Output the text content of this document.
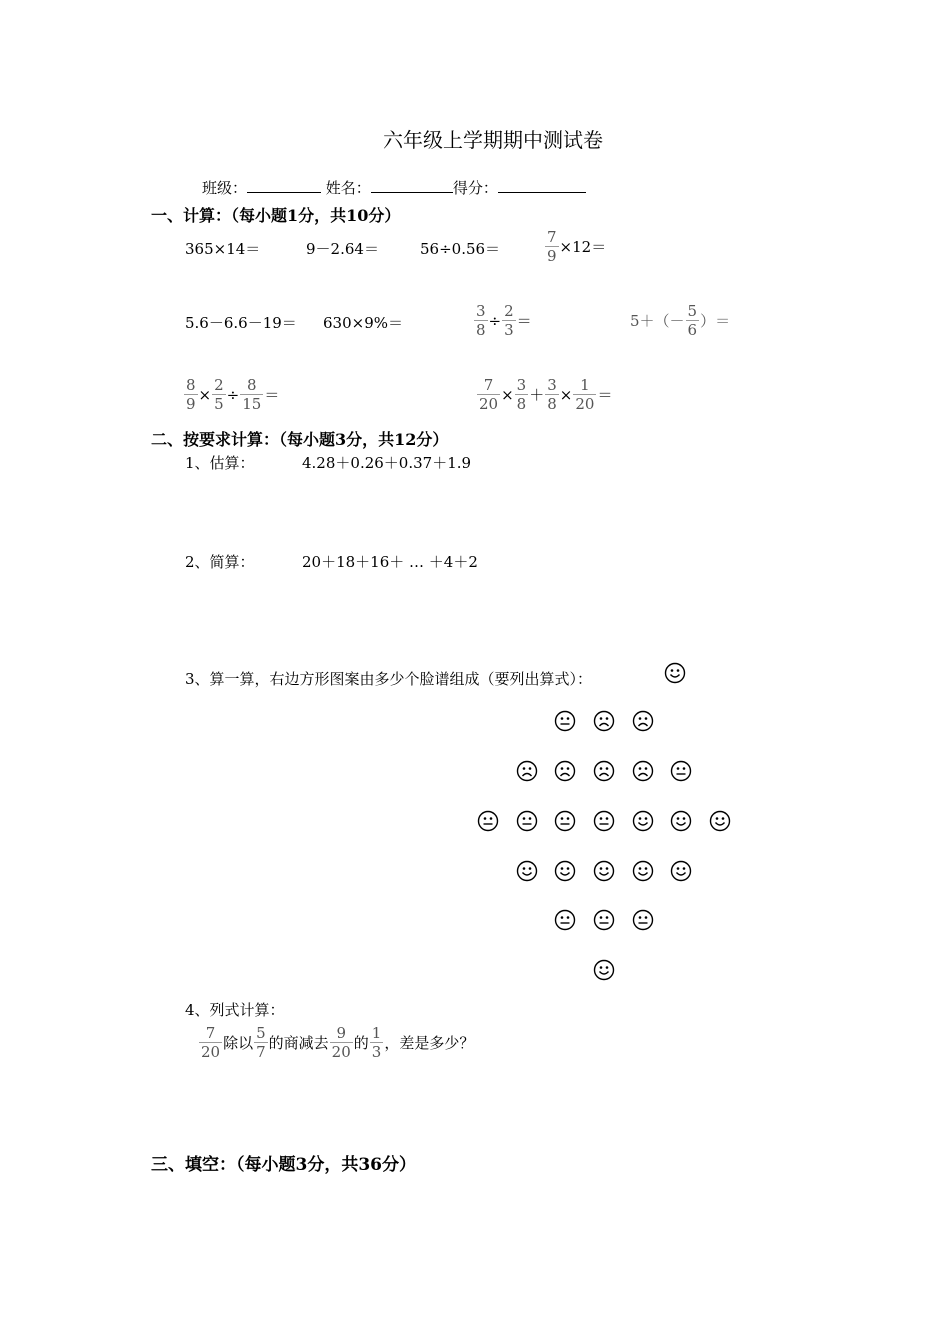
六年级上学期期中测试卷
班级：	姓名：	得分：
一、计算：（每小题1分，共10分）
365×14＝	9－2.64＝	56÷0.56＝	$\frac{7}{9} \times 12=$
5.6－6.6－19＝ 630×9%＝	$\frac{3}{8} \div \frac{2}{3}$ ＝	$5+(- \frac{5}{6}$ ）＝
$\frac{8}{9} \times \frac{2}{5} \div \frac{8}{15}$ ＝	$\frac{7}{20} \times \frac{3}{8} + \frac{3}{8} \times \frac{1}{20}$ ＝
二、按要求计算：（每小题3分，共12分）
1、估算：	4.28＋0.26＋0.37＋1.9
2、简算：	20＋18＋16＋ … ＋4＋2
3、算一算，右边方形图案由多少个脸谱组成（要列出算式）：
4、列式计算：
$\frac{7}{20}$ 除以 $\frac{5}{7}$ 的商减去 $\frac{9}{20}$ 的 $\frac{1}{3}$ ，差是多少？
三、填空：（每小题3分，共36分）
